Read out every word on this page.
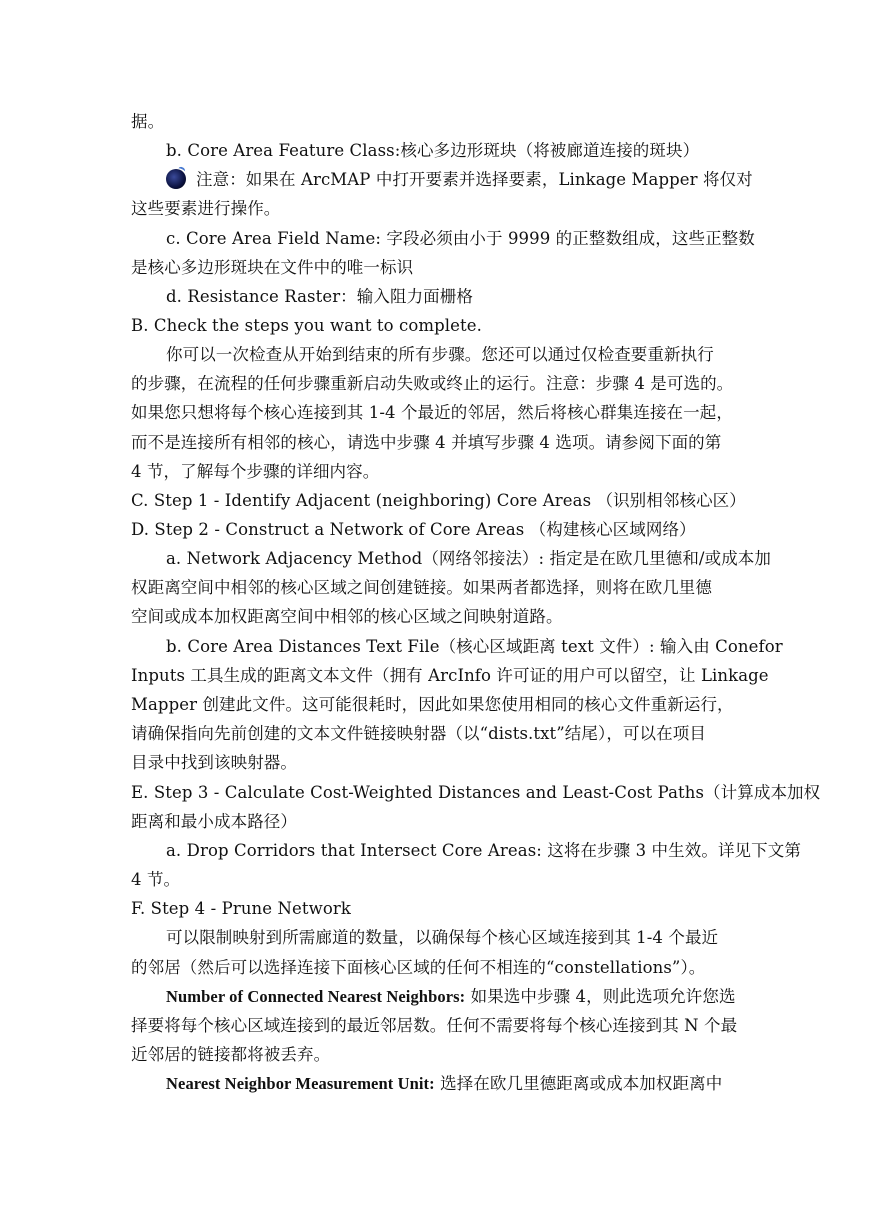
据。
b. Core Area Feature Class:核心多边形斑块（将被廊道连接的斑块）
注意：如果在 ArcMAP 中打开要素并选择要素，Linkage Mapper 将仅对
这些要素进行操作。
c. Core Area Field Name: 字段必须由小于 9999 的正整数组成，这些正整数
是核心多边形斑块在文件中的唯一标识
d. Resistance Raster：输入阻力面栅格
B. Check the steps you want to complete.
你可以一次检查从开始到结束的所有步骤。您还可以通过仅检查要重新执行
的步骤，在流程的任何步骤重新启动失败或终止的运行。注意：步骤 4 是可选的。
如果您只想将每个核心连接到其 1-4 个最近的邻居，然后将核心群集连接在一起，
而不是连接所有相邻的核心，请选中步骤 4 并填写步骤 4 选项。请参阅下面的第
4 节，了解每个步骤的详细内容。
C. Step 1 - Identify Adjacent (neighboring) Core Areas （识别相邻核心区）
D. Step 2 - Construct a Network of Core Areas （构建核心区域网络）
a. Network Adjacency Method（网络邻接法）: 指定是在欧几里德和/或成本加
权距离空间中相邻的核心区域之间创建链接。如果两者都选择，则将在欧几里德
空间或成本加权距离空间中相邻的核心区域之间映射道路。
b. Core Area Distances Text File（核心区域距离 text 文件）: 输入由 Conefor
Inputs 工具生成的距离文本文件（拥有 ArcInfo 许可证的用户可以留空，让 Linkage
Mapper 创建此文件。这可能很耗时，因此如果您使用相同的核心文件重新运行，
请确保指向先前创建的文本文件链接映射器（以“dists.txt”结尾），可以在项目
目录中找到该映射器。
E. Step 3 - Calculate Cost-Weighted Distances and Least-Cost Paths（计算成本加权
距离和最小成本路径）
a. Drop Corridors that Intersect Core Areas: 这将在步骤 3 中生效。详见下文第
4 节。
F. Step 4 - Prune Network
可以限制映射到所需廊道的数量，以确保每个核心区域连接到其 1-4 个最近
的邻居（然后可以选择连接下面核心区域的任何不相连的“constellations”）。
Number of Connected Nearest Neighbors: 如果选中步骤 4，则此选项允许您选
择要将每个核心区域连接到的最近邻居数。任何不需要将每个核心连接到其 N 个最
近邻居的链接都将被丢弃。
Nearest Neighbor Measurement Unit: 选择在欧几里德距离或成本加权距离中
